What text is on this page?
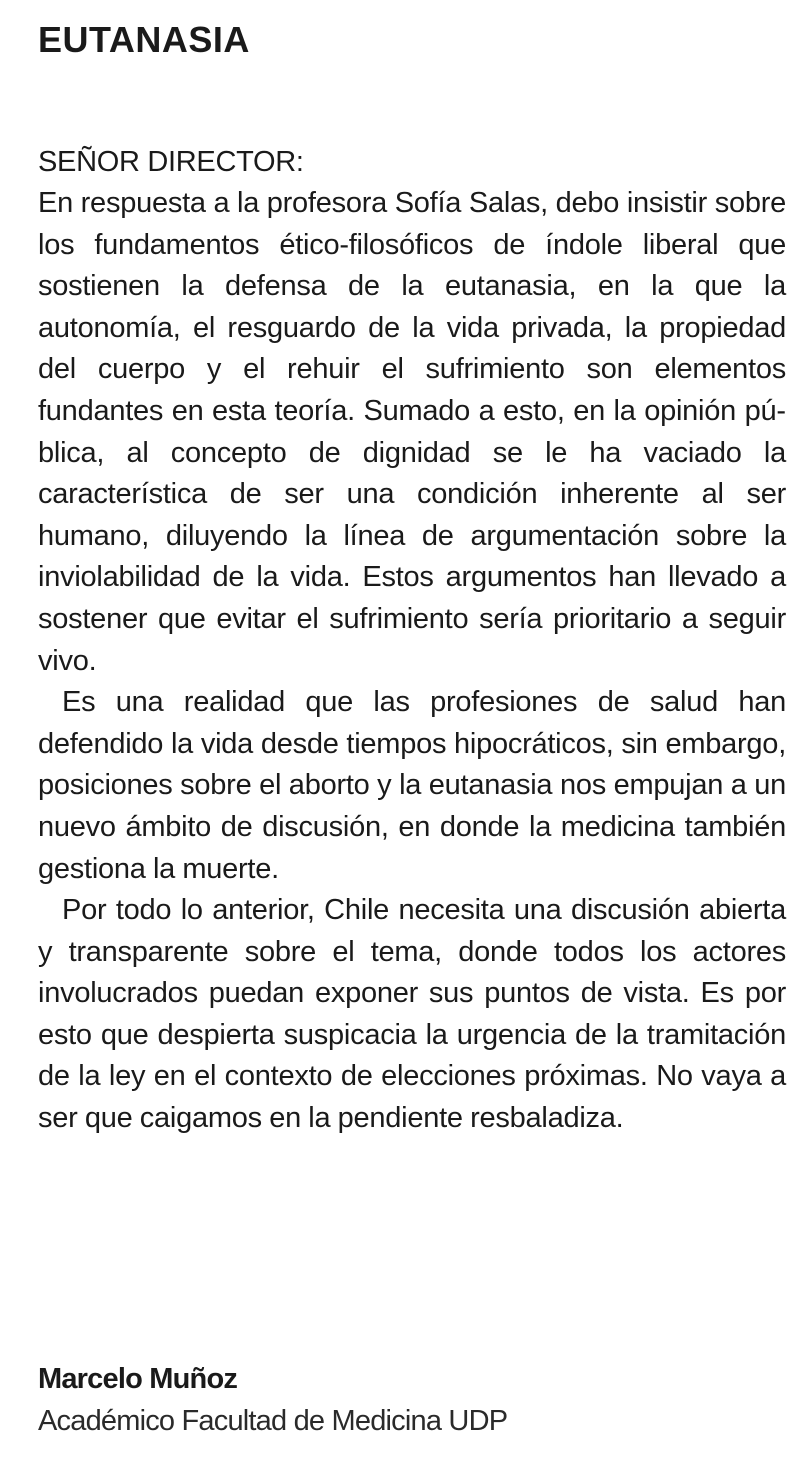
EUTANASIA
SEÑOR DIRECTOR:

En respuesta a la profesora Sofía Salas, debo insistir sobre los fundamentos ético-filosóficos de índole liberal que sostienen la defensa de la eutanasia, en la que la autonomía, el resguardo de la vida privada, la propiedad del cuerpo y el rehuir el sufrimiento son elementos fundantes en esta teoría. Sumado a esto, en la opinión pública, al concepto de dignidad se le ha vaciado la característica de ser una condición inherente al ser humano, diluyendo la línea de argumentación sobre la inviolabilidad de la vida. Estos argumentos han llevado a sostener que evitar el sufrimiento sería prioritario a seguir vivo.

Es una realidad que las profesiones de salud han defendido la vida desde tiempos hipocráticos, sin embargo, posiciones sobre el aborto y la eutanasia nos empujan a un nuevo ámbito de discusión, en donde la medicina también gestiona la muerte.

Por todo lo anterior, Chile necesita una discusión abierta y transparente sobre el tema, donde todos los actores involucrados puedan exponer sus puntos de vista. Es por esto que despierta suspicacia la urgencia de la tramitación de la ley en el contexto de elecciones próximas. No vaya a ser que caigamos en la pendiente resbaladiza.

Marcelo Muñoz
Académico Facultad de Medicina UDP
